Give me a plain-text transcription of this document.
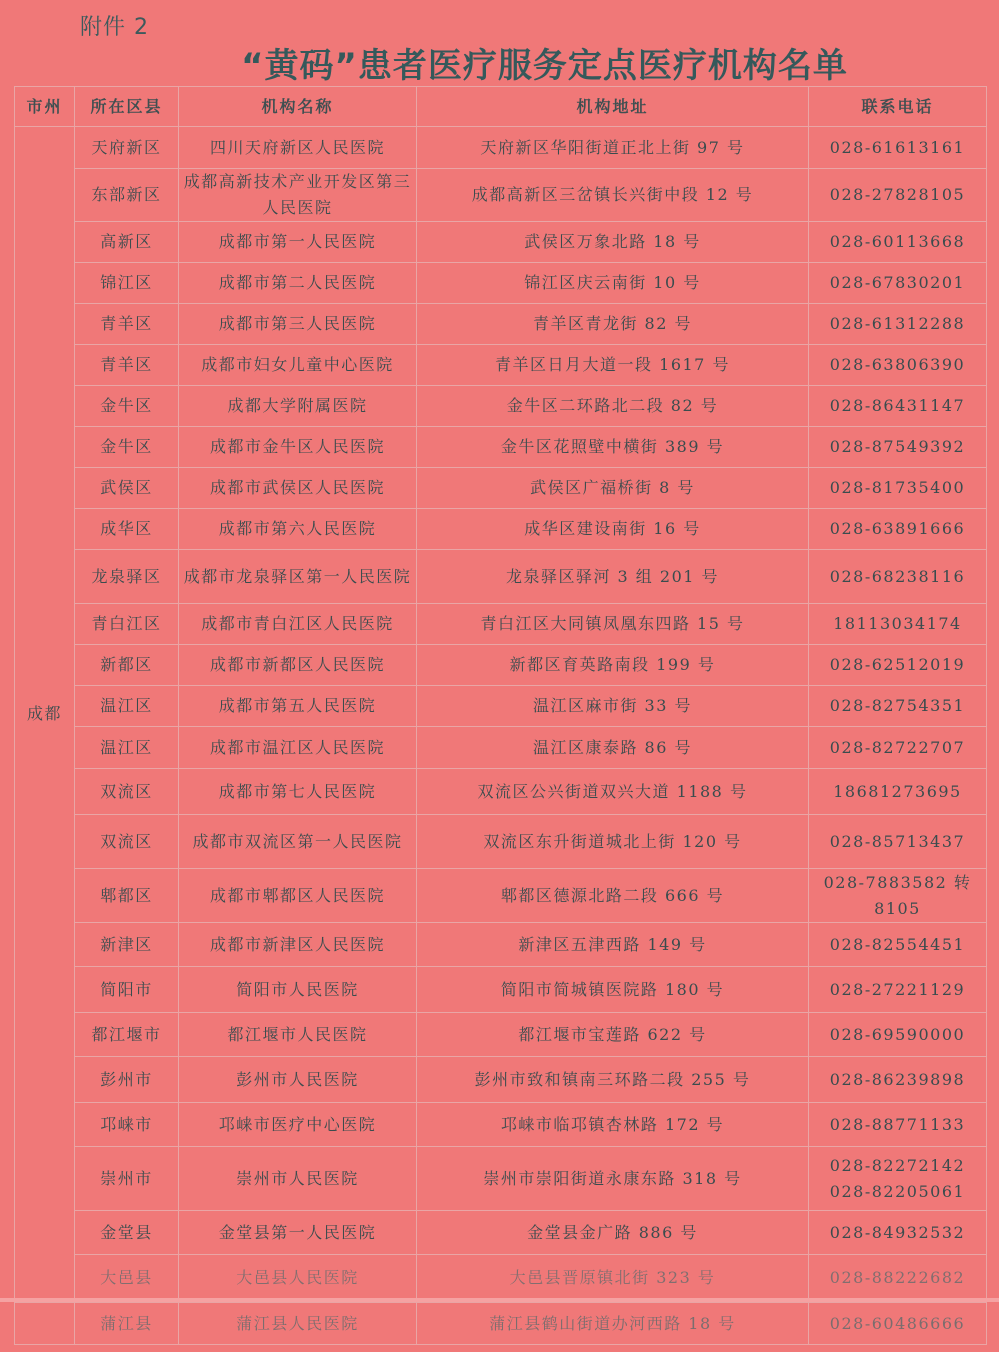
附件 2
“黄码”患者医疗服务定点医疗机构名单
市州	所在区县	机构名称	机构地址	联系电话
成都	天府新区	四川天府新区人民医院	天府新区华阳街道正北上街 97 号	028-61613161
	东部新区	成都高新技术产业开发区第三人民医院	成都高新区三岔镇长兴街中段 12 号	028-27828105
	高新区	成都市第一人民医院	武侯区万象北路 18 号	028-60113668
	锦江区	成都市第二人民医院	锦江区庆云南街 10 号	028-67830201
	青羊区	成都市第三人民医院	青羊区青龙街 82 号	028-61312288
	青羊区	成都市妇女儿童中心医院	青羊区日月大道一段 1617 号	028-63806390
	金牛区	成都大学附属医院	金牛区二环路北二段 82 号	028-86431147
	金牛区	成都市金牛区人民医院	金牛区花照壁中横街 389 号	028-87549392
	武侯区	成都市武侯区人民医院	武侯区广福桥街 8 号	028-81735400
	成华区	成都市第六人民医院	成华区建设南街 16 号	028-63891666
	龙泉驿区	成都市龙泉驿区第一人民医院	龙泉驿区驿河 3 组 201 号	028-68238116
	青白江区	成都市青白江区人民医院	青白江区大同镇凤凰东四路 15 号	18113034174
	新都区	成都市新都区人民医院	新都区育英路南段 199 号	028-62512019
	温江区	成都市第五人民医院	温江区麻市街 33 号	028-82754351
	温江区	成都市温江区人民医院	温江区康泰路 86 号	028-82722707
	双流区	成都市第七人民医院	双流区公兴街道双兴大道 1188 号	18681273695
	双流区	成都市双流区第一人民医院	双流区东升街道城北上街 120 号	028-85713437
	郫都区	成都市郫都区人民医院	郫都区德源北路二段 666 号	028-7883582 转 8105
	新津区	成都市新津区人民医院	新津区五津西路 149 号	028-82554451
	简阳市	简阳市人民医院	简阳市简城镇医院路 180 号	028-27221129
	都江堰市	都江堰市人民医院	都江堰市宝莲路 622 号	028-69590000
	彭州市	彭州市人民医院	彭州市致和镇南三环路二段 255 号	028-86239898
	邛崃市	邛崃市医疗中心医院	邛崃市临邛镇杏林路 172 号	028-88771133
	崇州市	崇州市人民医院	崇州市崇阳街道永康东路 318 号	028-82272142 028-82205061
	金堂县	金堂县第一人民医院	金堂县金广路 886 号	028-84932532
	大邑县	大邑县人民医院	大邑县晋原镇北街 323 号	028-88222682
	蒲江县	蒲江县人民医院	蒲江县鹤山街道办河西路 18 号	028-60486666
